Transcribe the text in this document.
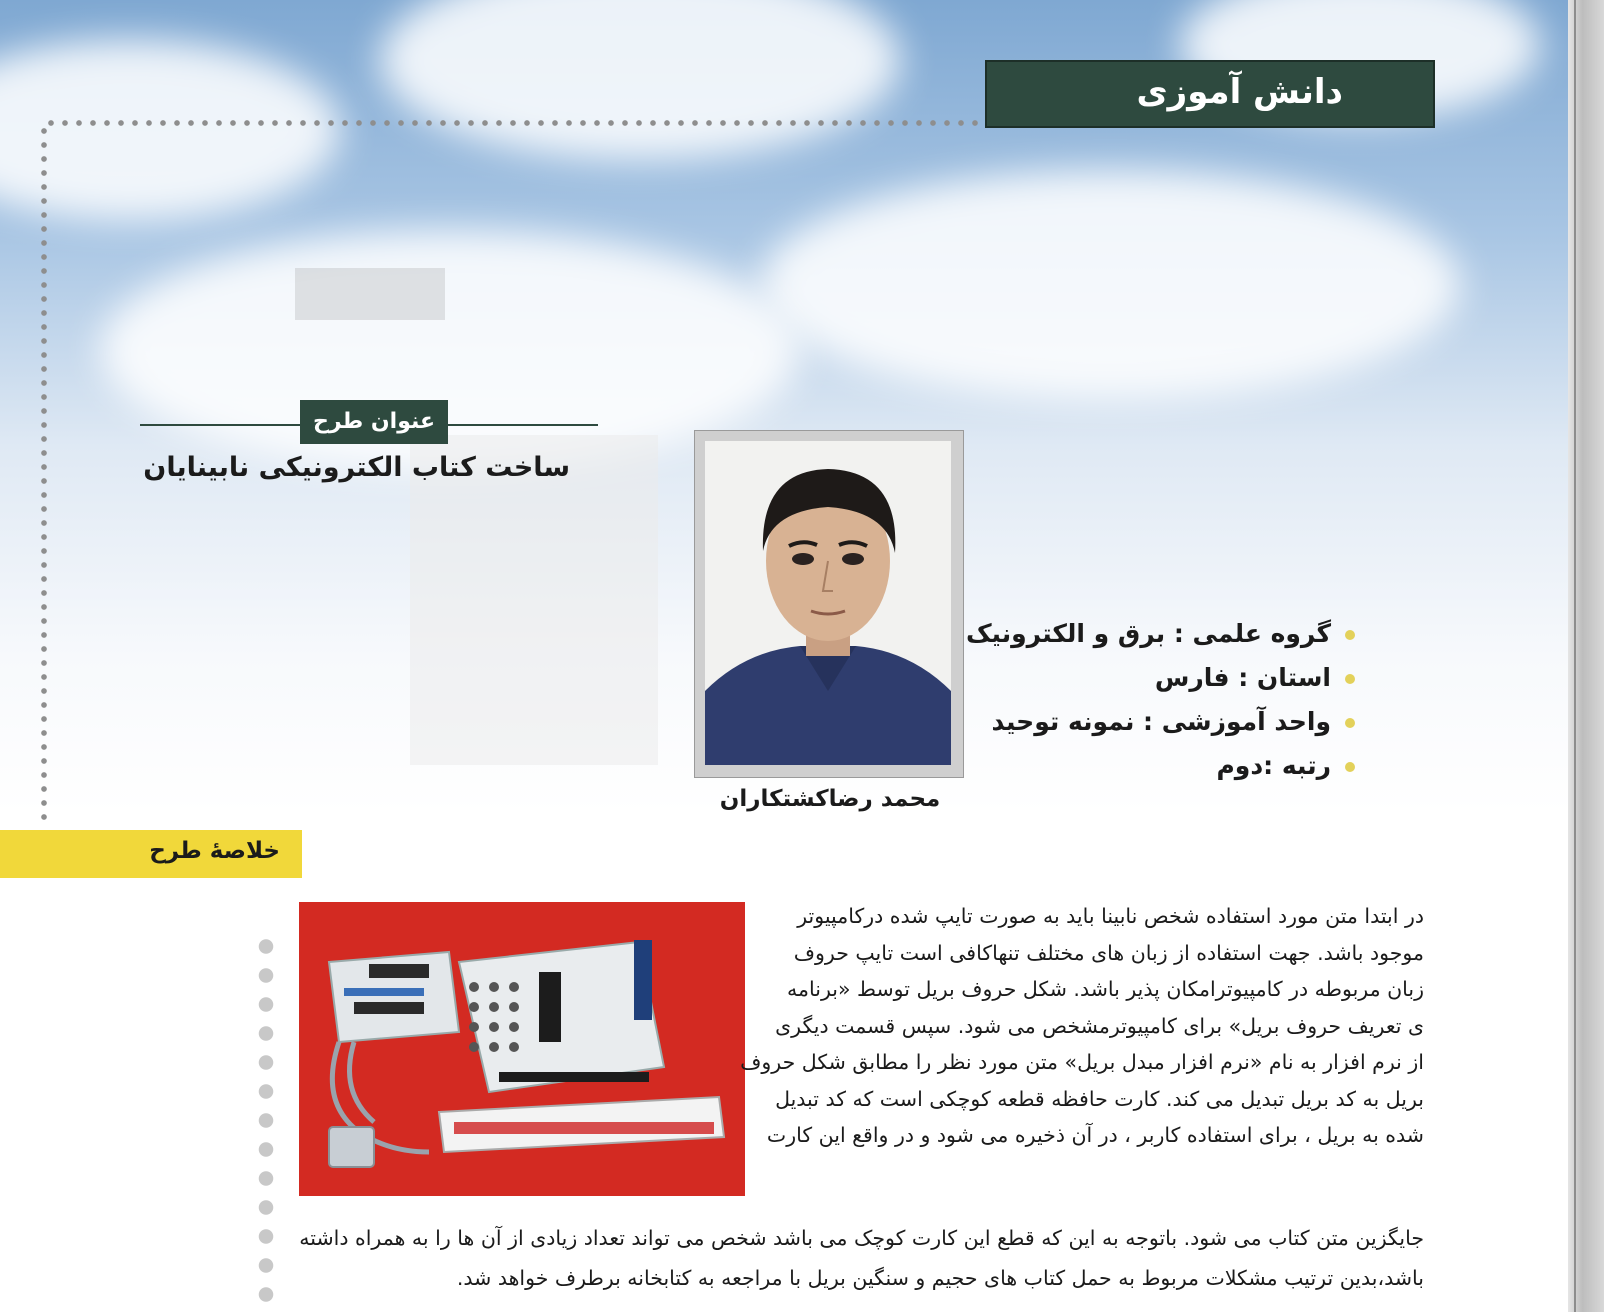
دانش آموزی
عنوان طرح
ساخت کتاب الکترونیکی نابینایان
محمد رضاکشتکاران
گروه علمی : برق و الکترونیک
استان : فارس
واحد آموزشی : نمونه توحید
رتبه :دوم
خلاصهٔ طرح
در ابتدا متن مورد استفاده شخص نابینا باید به صورت تایپ شده درکامپیوتر
موجود باشد. جهت استفاده از زبان های مختلف تنهاکافی است تایپ حروف
زبان مربوطه در کامپیوترامکان پذیر باشد. شکل حروف بریل توسط «برنامه
ی تعریف حروف بریل» برای کامپیوترمشخص می شود. سپس قسمت دیگری
از نرم افزار به نام «نرم افزار مبدل بریل» متن مورد نظر را مطابق شکل حروف
بریل به کد بریل تبدیل می کند. کارت حافظه قطعه کوچکی است که کد تبدیل
شده به بریل ، برای استفاده کاربر ، در آن ذخیره می شود و در واقع این کارت
جایگزین متن کتاب می شود. باتوجه به این که قطع این کارت کوچک می باشد شخص می تواند تعداد زیادی از آن ها را به همراه داشته
باشد،بدین ترتیب مشکلات مربوط به حمل کتاب های حجیم و سنگین بریل با مراجعه به کتابخانه برطرف خواهد شد.
